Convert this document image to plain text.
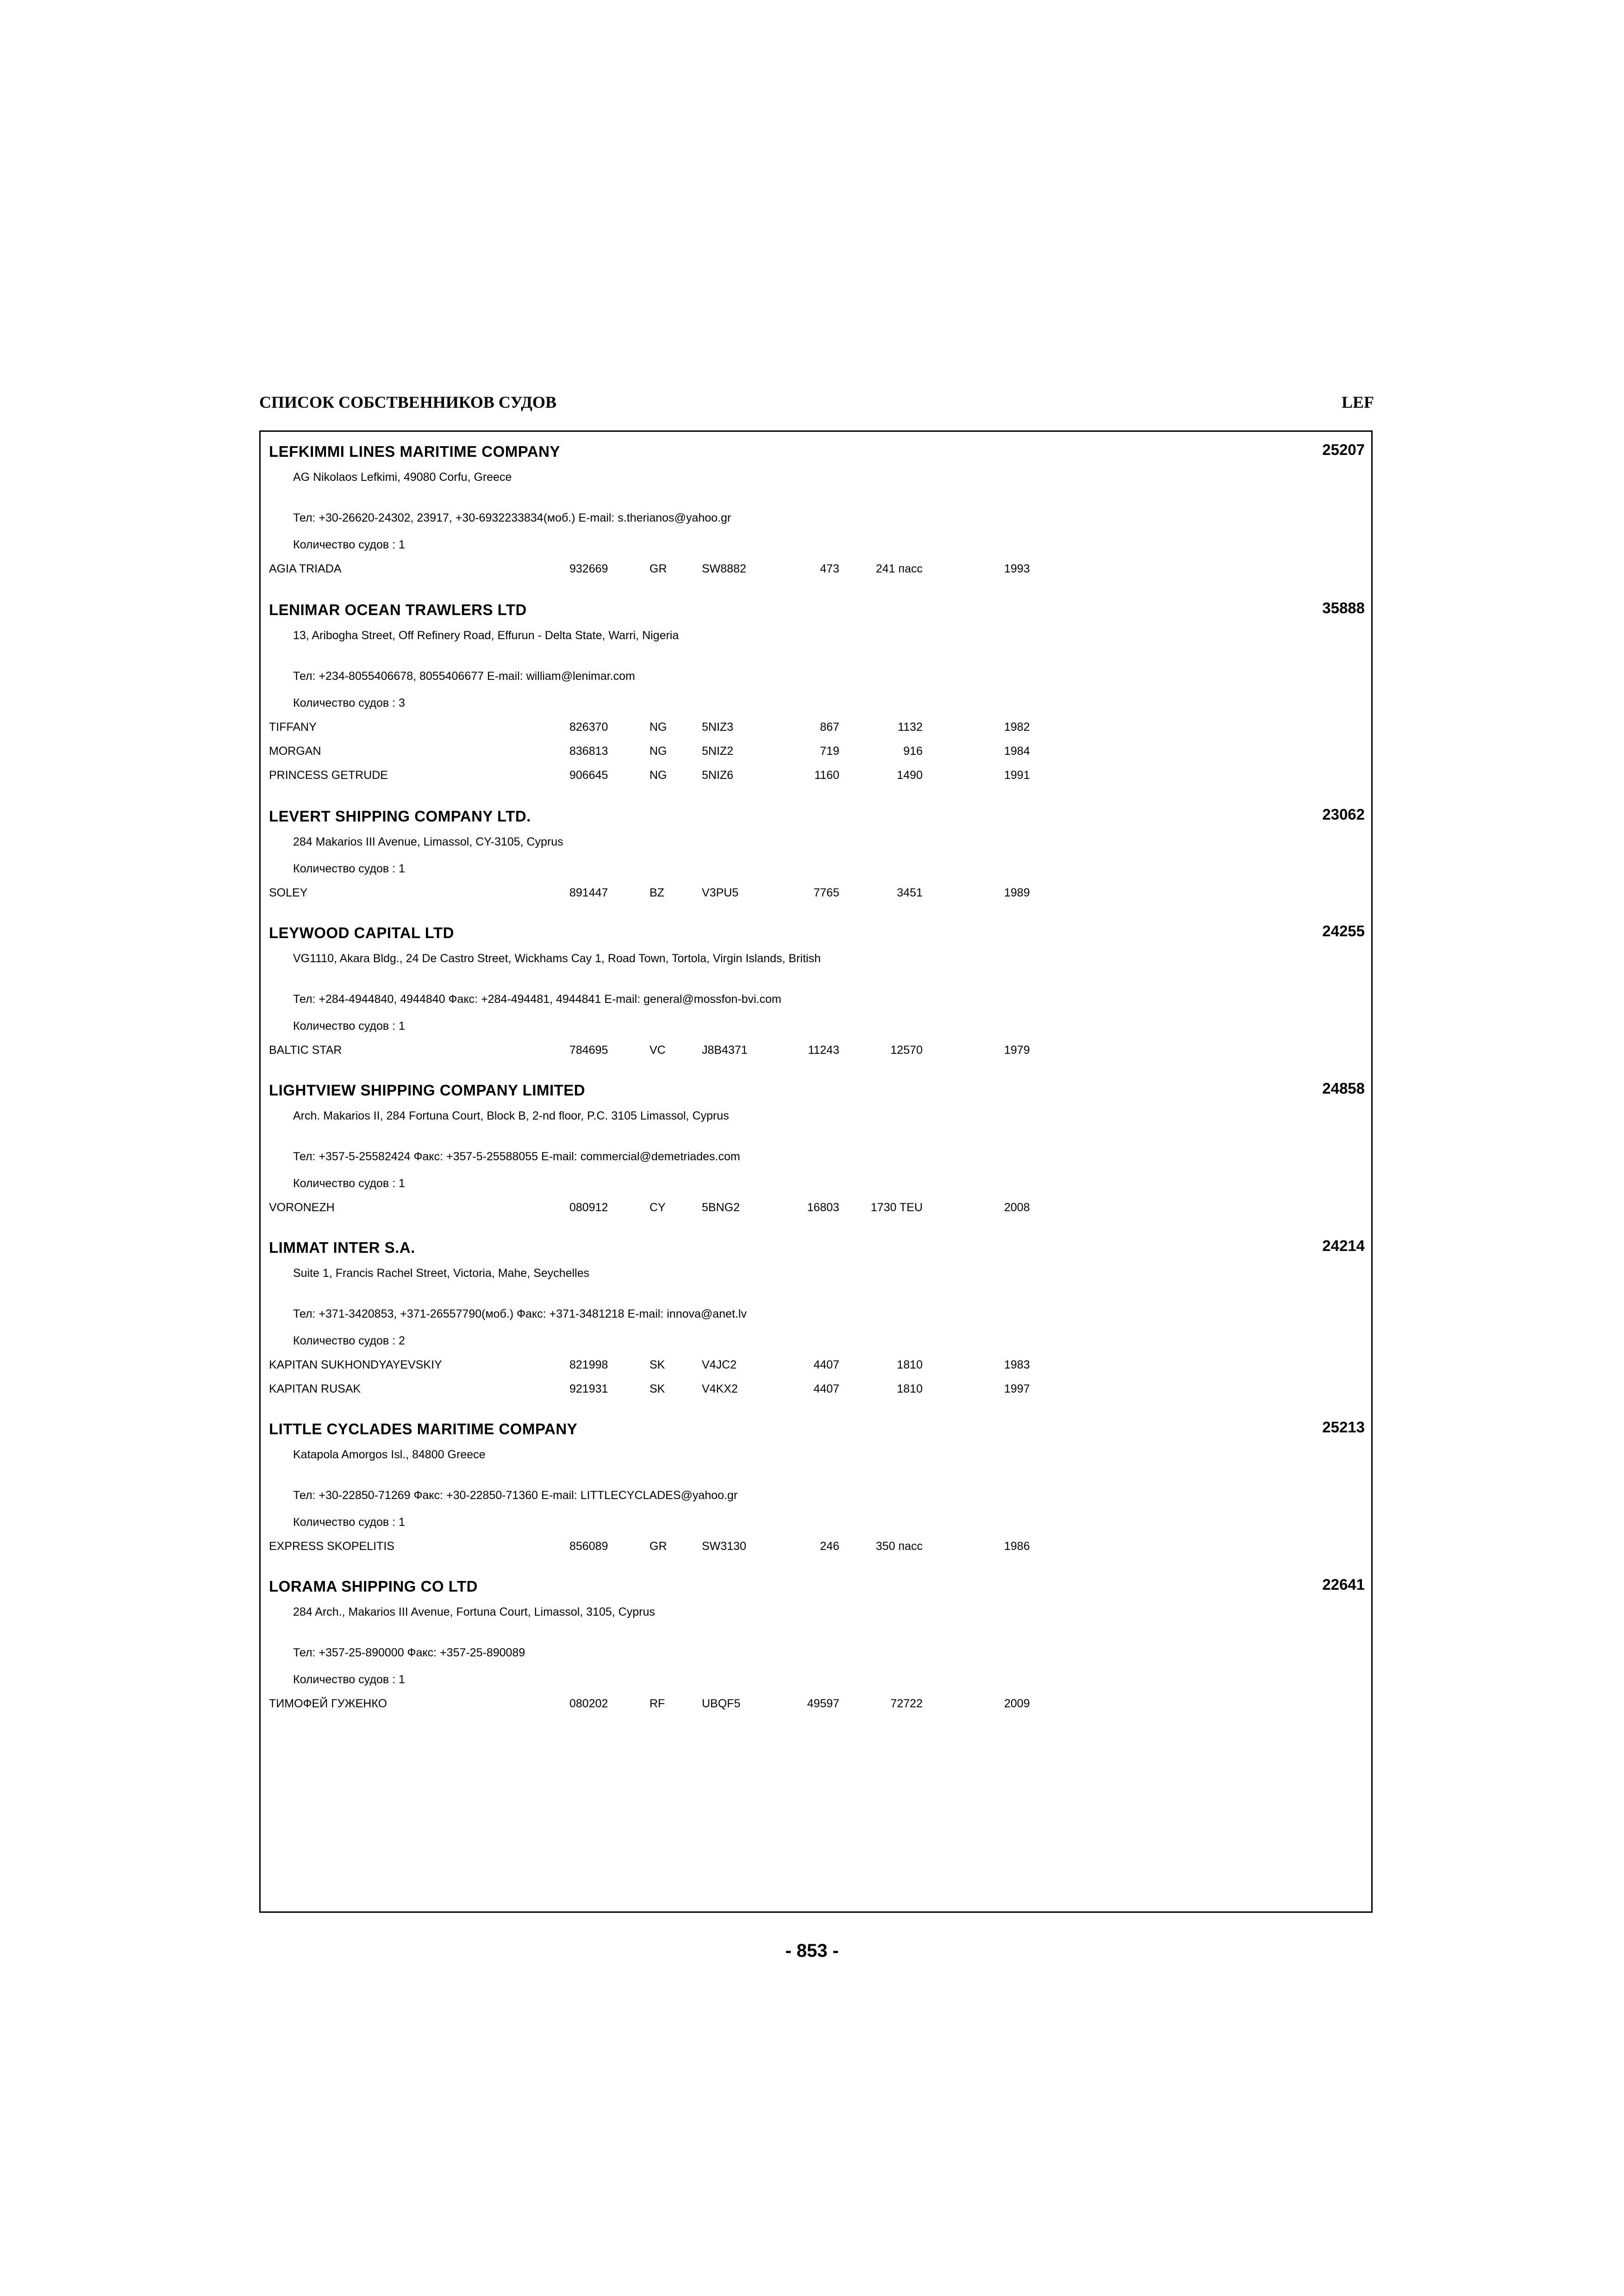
СПИСОК СОБСТВЕННИКОВ СУДОВ	LEF
LEFKIMMI LINES MARITIME COMPANY	25207
AG Nikolaos Lefkimi, 49080 Corfu, Greece
Тел: +30-26620-24302, 23917, +30-6932233834(моб.) E-mail: s.therianos@yahoo.gr
Количество судов : 1
AGIA TRIADA	932669	GR	SW8882	473	241 пасс	1993
LENIMAR OCEAN TRAWLERS LTD	35888
13, Aribogha Street, Off Refinery Road, Effurun - Delta State, Warri, Nigeria
Тел: +234-8055406678, 8055406677 E-mail: william@lenimar.com
Количество судов : 3
TIFFANY	826370	NG	5NIZ3	867	1132	1982
MORGAN	836813	NG	5NIZ2	719	916	1984
PRINCESS GETRUDE	906645	NG	5NIZ6	1160	1490	1991
LEVERT SHIPPING COMPANY LTD.	23062
284 Makarios III Avenue, Limassol, CY-3105, Cyprus
Количество судов : 1
SOLEY	891447	BZ	V3PU5	7765	3451	1989
LEYWOOD CAPITAL LTD	24255
VG1110, Akara Bldg., 24 De Castro Street, Wickhams Cay 1, Road Town, Tortola, Virgin Islands, British
Тел: +284-4944840, 4944840 Факс: +284-494481, 4944841 E-mail: general@mossfon-bvi.com
Количество судов : 1
BALTIC STAR	784695	VC	J8B4371	11243	12570	1979
LIGHTVIEW SHIPPING COMPANY LIMITED	24858
Arch. Makarios II, 284 Fortuna Court, Block B, 2-nd floor, P.C. 3105 Limassol, Cyprus
Тел: +357-5-25582424 Факс: +357-5-25588055 E-mail: commercial@demetriades.com
Количество судов : 1
VORONEZH	080912	CY	5BNG2	16803	1730 TEU	2008
LIMMAT INTER S.A.	24214
Suite 1, Francis Rachel Street, Victoria, Mahe, Seychelles
Тел: +371-3420853, +371-26557790(моб.) Факс: +371-3481218 E-mail: innova@anet.lv
Количество судов : 2
KAPITAN SUKHONDYAYEVSKIY	821998	SK	V4JC2	4407	1810	1983
KAPITAN RUSAK	921931	SK	V4KX2	4407	1810	1997
LITTLE CYCLADES MARITIME COMPANY	25213
Katapola Amorgos Isl., 84800 Greece
Тел: +30-22850-71269 Факс: +30-22850-71360 E-mail: LITTLECYCLADES@yahoo.gr
Количество судов : 1
EXPRESS SKOPELITIS	856089	GR	SW3130	246	350 пасс	1986
LORAMA SHIPPING CO LTD	22641
284 Arch., Makarios III Avenue, Fortuna Court, Limassol, 3105, Cyprus
Тел: +357-25-890000 Факс: +357-25-890089
Количество судов : 1
ТИМОФЕЙ ГУЖЕНКО	080202	RF	UBQF5	49597	72722	2009
- 853 -
